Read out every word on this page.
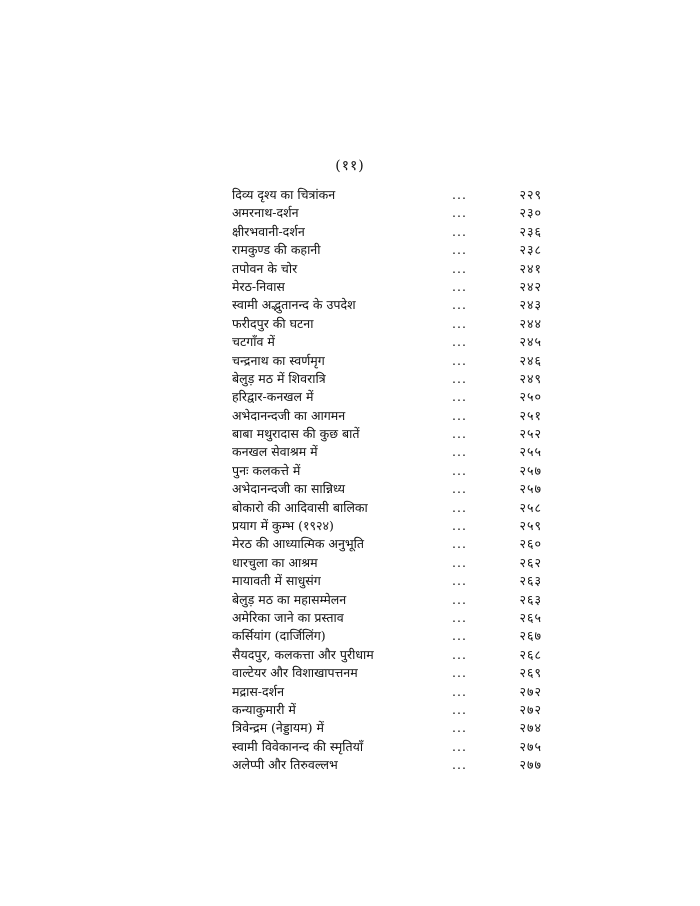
(११)
दिव्य दृश्य का चित्रांकन	...	२२९
अमरनाथ-दर्शन	...	२३०
क्षीरभवानी-दर्शन	...	२३६
रामकुण्ड की कहानी	...	२३८
तपोवन के चोर	...	२४१
मेरठ-निवास	...	२४२
स्वामी अद्भुतानन्द के उपदेश	...	२४३
फरीदपुर की घटना	...	२४४
चटगाँव में	...	२४५
चन्द्रनाथ का स्वर्णमृग	...	२४६
बेलुड़ मठ में शिवरात्रि	...	२४९
हरिद्वार-कनखल में	...	२५०
अभेदानन्दजी का आगमन	...	२५१
बाबा मथुरादास की कुछ बातें	...	२५२
कनखल सेवाश्रम में	...	२५५
पुनः कलकत्ते में	...	२५७
अभेदानन्दजी का सान्निध्य	...	२५७
बोकारो की आदिवासी बालिका	...	२५८
प्रयाग में कुम्भ (१९२४)	...	२५९
मेरठ की आध्यात्मिक अनुभूति	...	२६०
धारचुला का आश्रम	...	२६२
मायावती में साधुसंग	...	२६३
बेलुड़ मठ का महासम्मेलन	...	२६३
अमेरिका जाने का प्रस्ताव	...	२६५
कर्सियांग (दार्जिलिंग)	...	२६७
सैयदपुर, कलकत्ता और पुरीधाम	...	२६८
वाल्टेयर और विशाखापत्तनम	...	२६९
मद्रास-दर्शन	...	२७२
कन्याकुमारी में	...	२७२
त्रिवेन्द्रम (नेड्डायम) में	...	२७४
स्वामी विवेकानन्द की स्मृतियाँ	...	२७५
अलेप्पी और तिरुवल्लभ	...	२७७
